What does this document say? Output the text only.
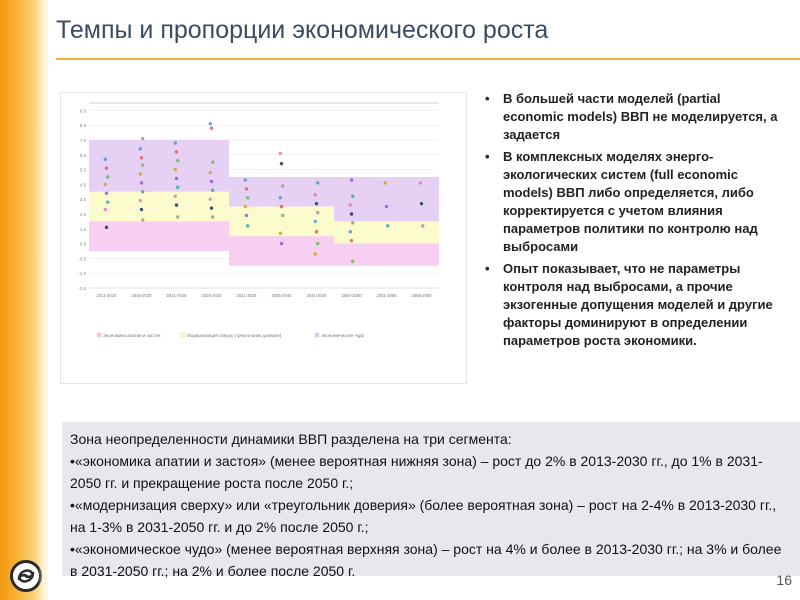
Темпы и пропорции экономического роста
-2.5
-1.5
-0.5
0.5
1.5
2.5
3.5
4.5
5.5
6.5
7.5
8.5
9.5
2011-2015	2016-2020	2021-2025	2026-2030	2031-2035	2036-2040	2041-2045	2046-2050	2051-2055	2056-2060
Экономика апатии и застоя	Модернизация сверху (треугольник доверия)	Экономическое чудо
• В большей части моделей (partial economic models) ВВП не моделируется, а задается
• В комплексных моделях энерго-экологических систем (full economic models) ВВП либо определяется, либо корректируется с учетом влияния параметров политики по контролю над выбросами
• Опыт показывает, что не параметры контроля над выбросами, а прочие экзогенные допущения моделей и другие факторы доминируют в определении параметров роста экономики.

Зона неопределенности динамики ВВП разделена на три сегмента:

•«экономика апатии и застоя» (менее вероятная нижняя зона) – рост до 2% в 2013-2030 гг., до 1% в 2031-2050 гг. и прекращение роста после 2050 г.;

•«модернизация сверху» или «треугольник доверия» (более вероятная зона) – рост на 2-4% в 2013-2030 гг., на 1-3% в 2031-2050 гг. и до 2% после 2050 г.;

•«экономическое чудо» (менее вероятная верхняя зона) – рост на 4% и более в 2013-2030 гг.; на 3% и более в 2031-2050 гг.; на 2% и более после 2050 г.

16
